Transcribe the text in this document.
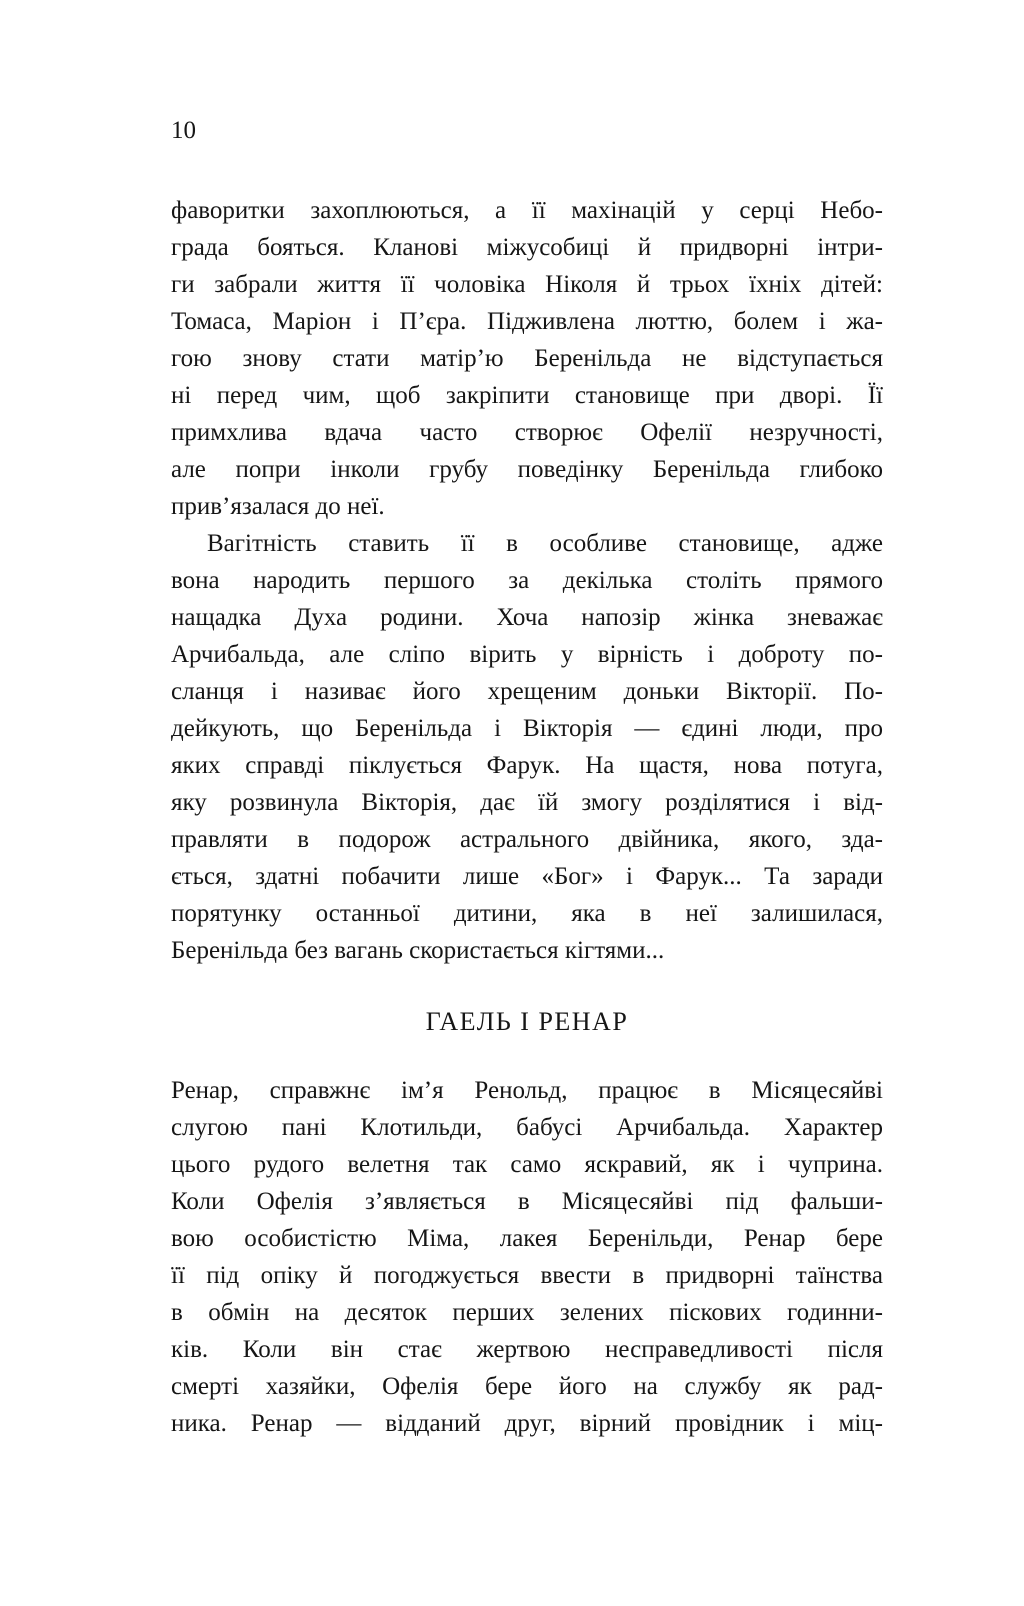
10
фаворитки захоплюються, а її махінацій у серці Небо-
града бояться. Кланові міжусобиці й придворні інтри-
ги забрали життя її чоловіка Ніколя й трьох їхніх дітей:
Томаса, Маріон і П’єра. Підживлена люттю, болем і жа-
гою знову стати матір’ю Беренільда не відступається
ні перед чим, щоб закріпити становище при дворі. Її
примхлива вдача часто створює Офелії незручності,
але попри інколи грубу поведінку Беренільда глибоко
прив’язалася до неї.
Вагітність ставить її в особливе становище, адже
вона народить першого за декілька століть прямого
нащадка Духа родини. Хоча напозір жінка зневажає
Арчибальда, але сліпо вірить у вірність і доброту по-
сланця і називає його хрещеним доньки Вікторії. По-
дейкують, що Беренільда і Вікторія — єдині люди, про
яких справді піклується Фарук. На щастя, нова потуга,
яку розвинула Вікторія, дає їй змогу розділятися і від-
правляти в подорож астрального двійника, якого, зда-
ється, здатні побачити лише «Бог» і Фарук... Та заради
порятунку останньої дитини, яка в неї залишилася,
Беренільда без вагань скористається кігтями...
ГАЕЛЬ І РЕНАР
Ренар, справжнє ім’я Ренольд, працює в Місяцесяйві
слугою пані Клотильди, бабусі Арчибальда. Характер
цього рудого велетня так само яскравий, як і чуприна.
Коли Офелія з’являється в Місяцесяйві під фальши-
вою особистістю Міма, лакея Беренільди, Ренар бере
її під опіку й погоджується ввести в придворні таїнства
в обмін на десяток перших зелених піскових годинни-
ків. Коли він стає жертвою несправедливості після
смерті хазяйки, Офелія бере його на службу як рад-
ника. Ренар — відданий друг, вірний провідник і міц-
